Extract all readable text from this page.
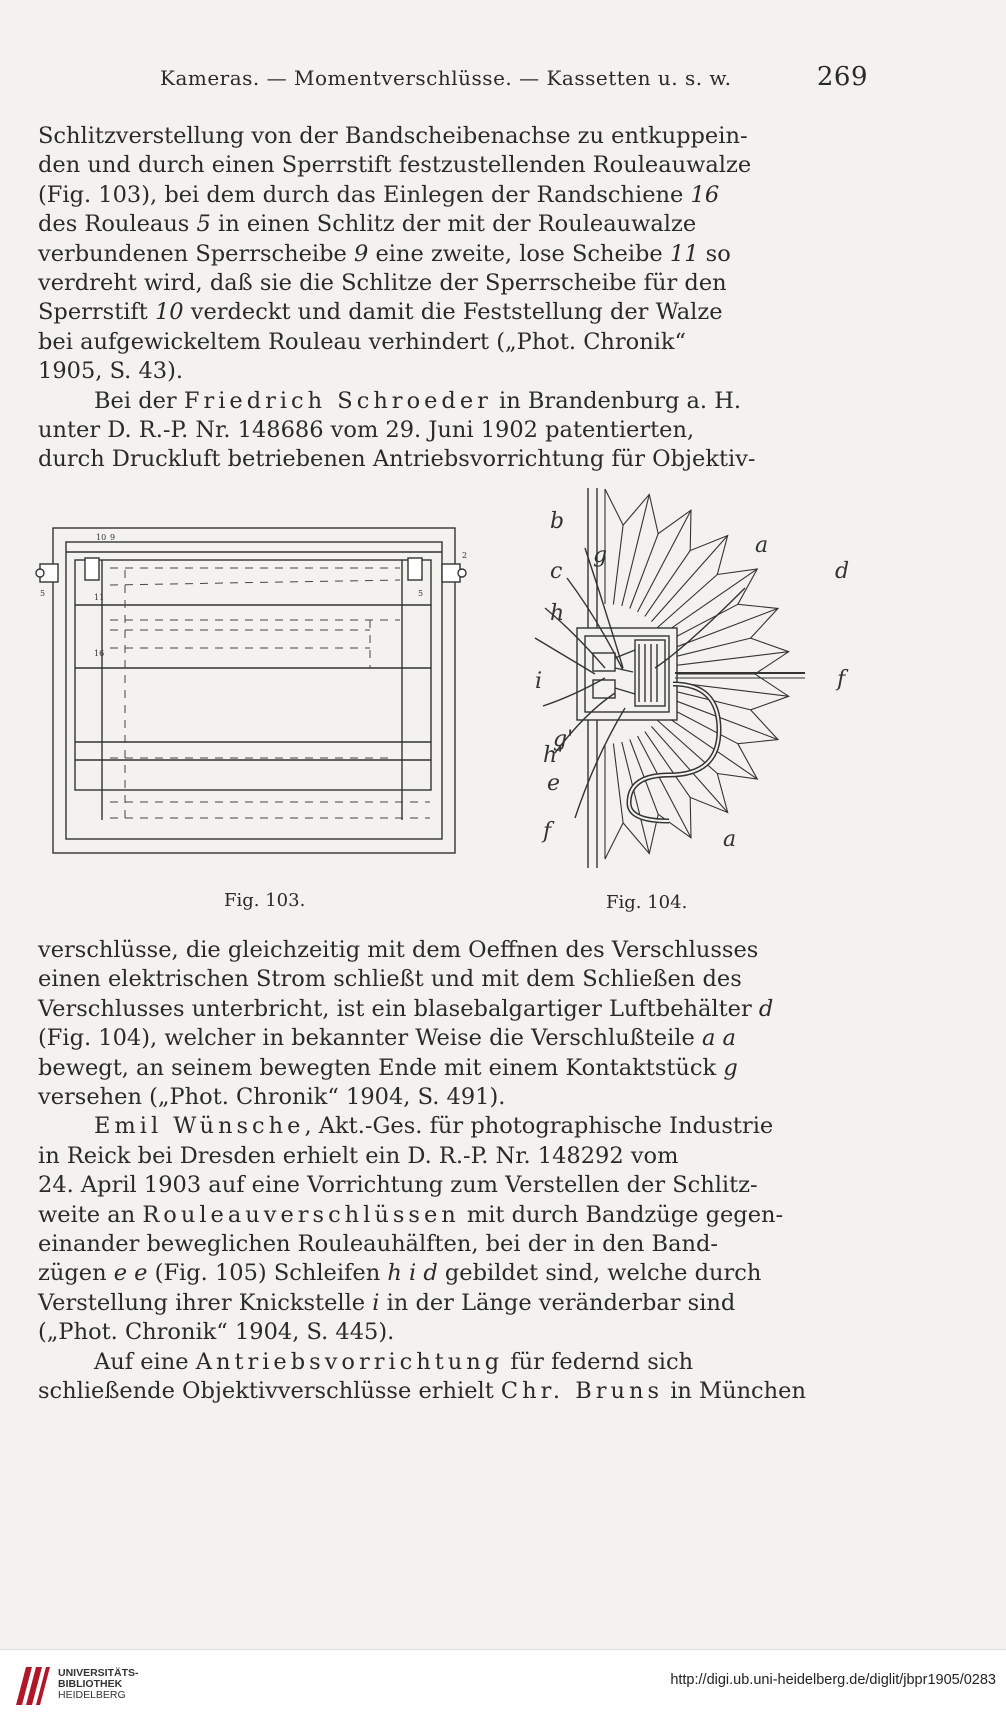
Kameras. — Momentverschlüsse. — Kassetten u. s. w.	269

Schlitzverstellung von der Bandscheibenachse zu entkuppein-
den und durch einen Sperrstift festzustellenden Rouleauwalze
(Fig. 103), bei dem durch das Einlegen der Randschiene 16
des Rouleaus 5 in einen Schlitz der mit der Rouleauwalze
verbundenen Sperrscheibe 9 eine zweite, lose Scheibe 11 so
verdreht wird, daß sie die Schlitze der Sperrscheibe für den
Sperrstift 10 verdeckt und damit die Feststellung der Walze
bei aufgewickeltem Rouleau verhindert („Phot. Chronik“
1905, S. 43).

Bei der Friedrich Schroeder in Brandenburg a. H.
unter D. R.-P. Nr. 148686 vom 29. Juni 1902 patentierten,
durch Druckluft betriebenen Antriebsvorrichtung für Objektiv-

10 9
5
2
5
11
16
Fig. 103.
b
c
g	a
d
h
i	f
h'
g'
e
f	a
Fig. 104.

verschlüsse, die gleichzeitig mit dem Oeffnen des Verschlusses
einen elektrischen Strom schließt und mit dem Schließen des
Verschlusses unterbricht, ist ein blasebalgartiger Luftbehälter d
(Fig. 104), welcher in bekannter Weise die Verschlußteile a a
bewegt, an seinem bewegten Ende mit einem Kontaktstück g
versehen („Phot. Chronik“ 1904, S. 491).

Emil Wünsche, Akt.-Ges. für photographische Industrie
in Reick bei Dresden erhielt ein D. R.-P. Nr. 148292 vom
24. April 1903 auf eine Vorrichtung zum Verstellen der Schlitz-
weite an Rouleauverschlüssen mit durch Bandzüge gegen-
einander beweglichen Rouleauhälften, bei der in den Band-
zügen e e (Fig. 105) Schleifen h i d gebildet sind, welche durch
Verstellung ihrer Knickstelle i in der Länge veränderbar sind
(„Phot. Chronik“ 1904, S. 445).

Auf eine Antriebsvorrichtung für federnd sich
schließende Objektivverschlüsse erhielt Chr. Bruns in München

UNIVERSITÄTS-
BIBLIOTHEK
HEIDELBERG
http://digi.ub.uni-heidelberg.de/diglit/jbpr1905/0283
